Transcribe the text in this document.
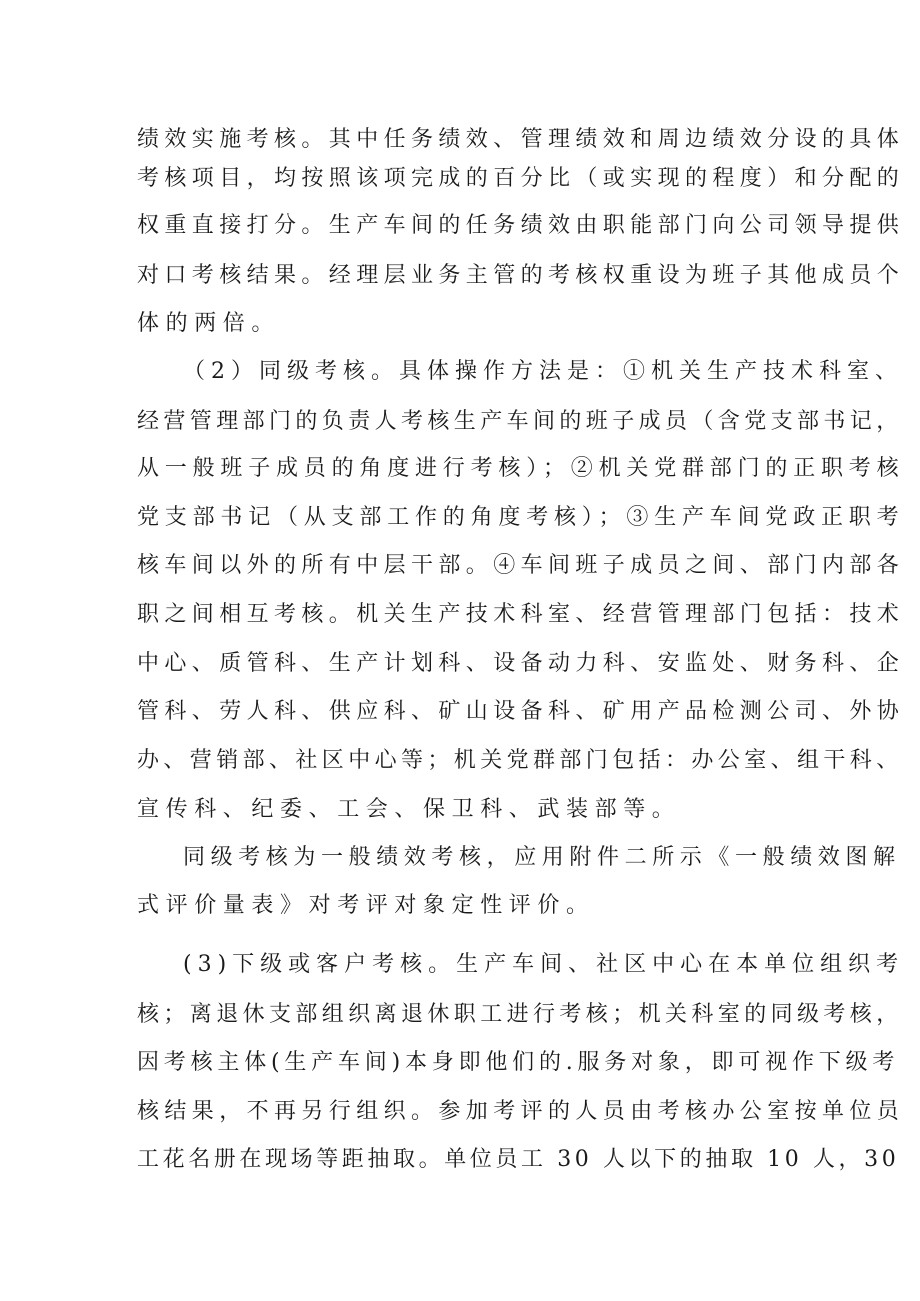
绩效实施考核。其中任务绩效、管理绩效和周边绩效分设的具体

考核项目，均按照该项完成的百分比（或实现的程度）和分配的

权重直接打分。生产车间的任务绩效由职能部门向公司领导提供

对口考核结果。经理层业务主管的考核权重设为班子其他成员个

体的两倍。

（2）同级考核。具体操作方法是：①机关生产技术科室、

经营管理部门的负责人考核生产车间的班子成员（含党支部书记，

从一般班子成员的角度进行考核）；②机关党群部门的正职考核

党支部书记（从支部工作的角度考核）；③生产车间党政正职考

核车间以外的所有中层干部。④车间班子成员之间、部门内部各

职之间相互考核。机关生产技术科室、经营管理部门包括：技术

中心、质管科、生产计划科、设备动力科、安监处、财务科、企

管科、劳人科、供应科、矿山设备科、矿用产品检测公司、外协

办、营销部、社区中心等；机关党群部门包括：办公室、组干科、

宣传科、纪委、工会、保卫科、武装部等。

同级考核为一般绩效考核，应用附件二所示《一般绩效图解

式评价量表》对考评对象定性评价。

(3)下级或客户考核。生产车间、社区中心在本单位组织考

核；离退休支部组织离退休职工进行考核；机关科室的同级考核，

因考核主体(生产车间)本身即他们的.服务对象，即可视作下级考

核结果，不再另行组织。参加考评的人员由考核办公室按单位员

工花名册在现场等距抽取。单位员工 30 人以下的抽取 10 人，30
